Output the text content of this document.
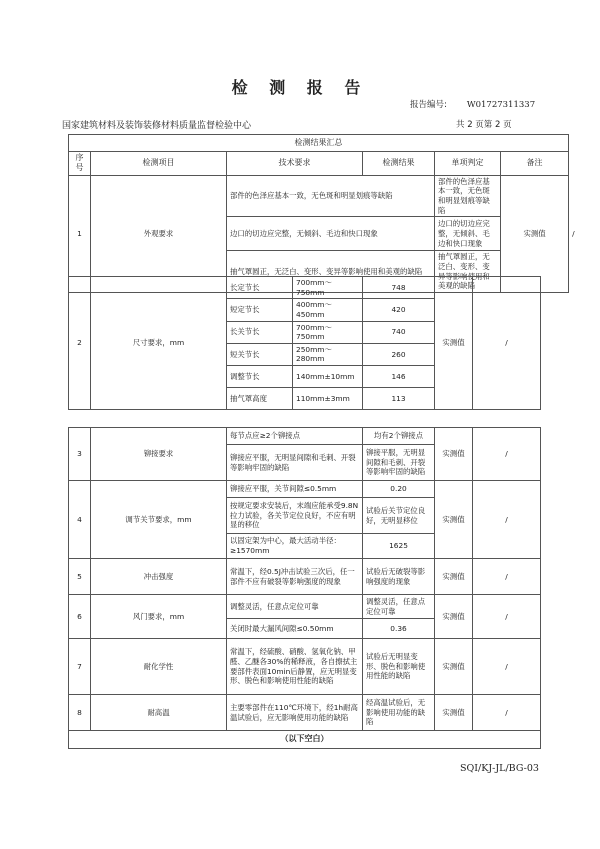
检 测 报 告
报告编号: W01727311337
国家建筑材料及装饰装修材料质量监督检验中心	共 2 页第 2 页
检测结果汇总						
序号	检测项目	技术要求	检测结果	单项判定	备注	
1	外观要求	部件的色泽应基本一致，无色斑和明显划痕等缺陷		部件的色泽应基本一致，无色斑和明显划痕等缺陷	实测值	/
		边口的切边应完整，无倾斜、毛边和快口现象		边口的切边应完整，无倾斜、毛边和快口现象		
		抽气罩圆正，无泛白、变形、变异等影响使用和美观的缺陷		抽气罩圆正，无泛白、变形、变异等影响使用和美观的缺陷		
2	尺寸要求，mm	长定节长	700mm～750mm	748	实测值	/
		短定节长	400mm～450mm	420		
		长关节长	700mm～750mm	740		
		短关节长	250mm～280mm	260		
		调整节长	140mm±10mm	146		
		抽气罩高度	110mm±3mm	113		
3	铆接要求	每节点应≥2个铆接点	均有2个铆接点	实测值	/
		铆接应平服，无明显间隙和毛刺、开裂等影响牢固的缺陷	铆接平服，无明显间隙和毛刺、开裂等影响牢固的缺陷		
4	调节关节要求，mm	铆接应平服，关节间隙≤0.5mm	0.20	实测值	/
		按规定要求安装后，末端应能承受9.8N拉力试验，各关节定位良好，不应有明显的移位	试验后关节定位良好，无明显移位		
		以固定架为中心，最大活动半径：≥1570mm	1625		
5	冲击强度	常温下，经0.5J冲击试验三次后，任一部件不应有破裂等影响强度的现象	试验后无破裂等影响强度的现象	实测值	/
6	风门要求，mm	调整灵活，任意点定位可靠	调整灵活，任意点定位可靠	实测值	/
		关闭时最大漏风间隙≤0.50mm	0.36		
7	耐化学性	常温下，经硫酸、硝酸、氢氧化钠、甲醛、乙醚各30%的稀释液，各自擦拭主要部件表面10min后静置，应无明显变形、脱色和影响使用性能的缺陷	试验后无明显变形、脱色和影响使用性能的缺陷	实测值	/
8	耐高温	主要零部件在110℃环境下，经1h耐高温试验后，应无影响使用功能的缺陷	经高温试验后，无影响使用功能的缺陷	实测值	/
（以下空白）					
SQI/KJ-JL/BG-03
